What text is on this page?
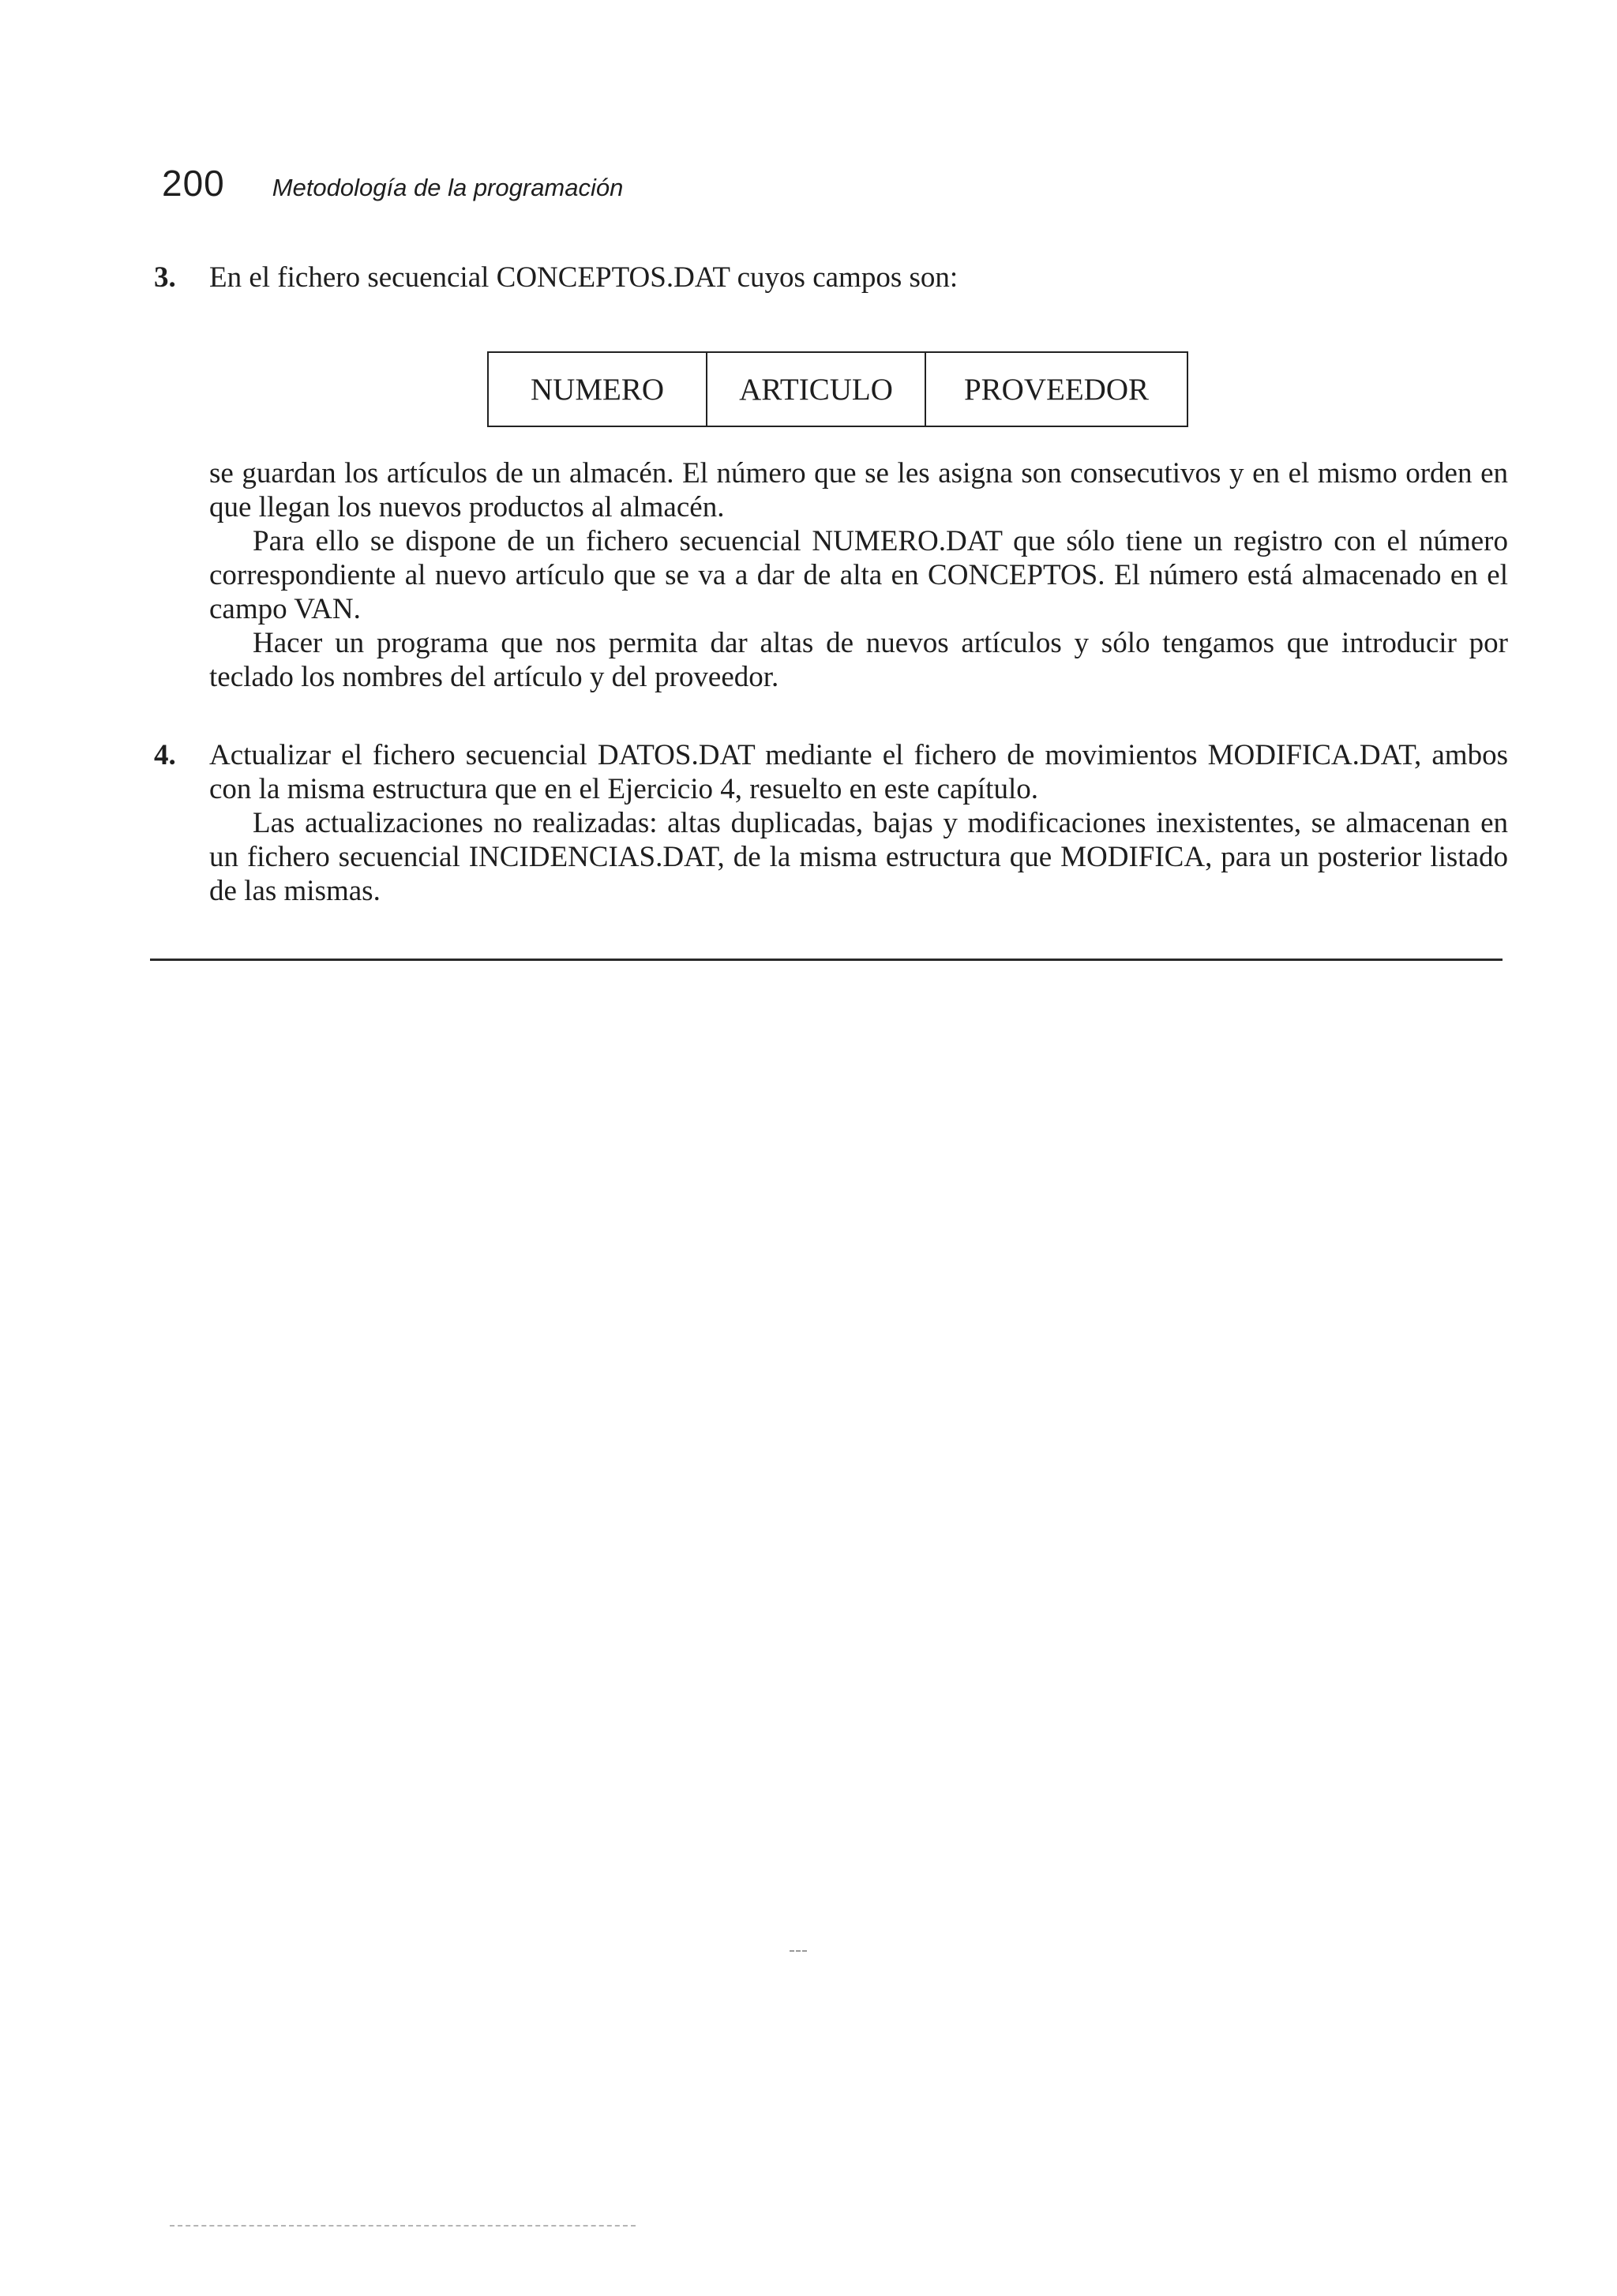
200 Metodología de la programación
3. En el fichero secuencial CONCEPTOS.DAT cuyos campos son:

NUMERO	ARTICULO	PROVEEDOR

se guardan los artículos de un almacén. El número que se les asigna son consecutivos y en el mismo orden en que llegan los nuevos productos al almacén.

Para ello se dispone de un fichero secuencial NUMERO.DAT que sólo tiene un registro con el número correspondiente al nuevo artículo que se va a dar de alta en CONCEPTOS. El número está almacenado en el campo VAN.

Hacer un programa que nos permita dar altas de nuevos artículos y sólo tengamos que introducir por teclado los nombres del artículo y del proveedor.

4. Actualizar el fichero secuencial DATOS.DAT mediante el fichero de movimientos MODIFICA.DAT, ambos con la misma estructura que en el Ejercicio 4, resuelto en este capítulo.

Las actualizaciones no realizadas: altas duplicadas, bajas y modificaciones inexistentes, se almacenan en un fichero secuencial INCIDENCIAS.DAT, de la misma estructura que MODIFICA, para un posterior listado de las mismas.
